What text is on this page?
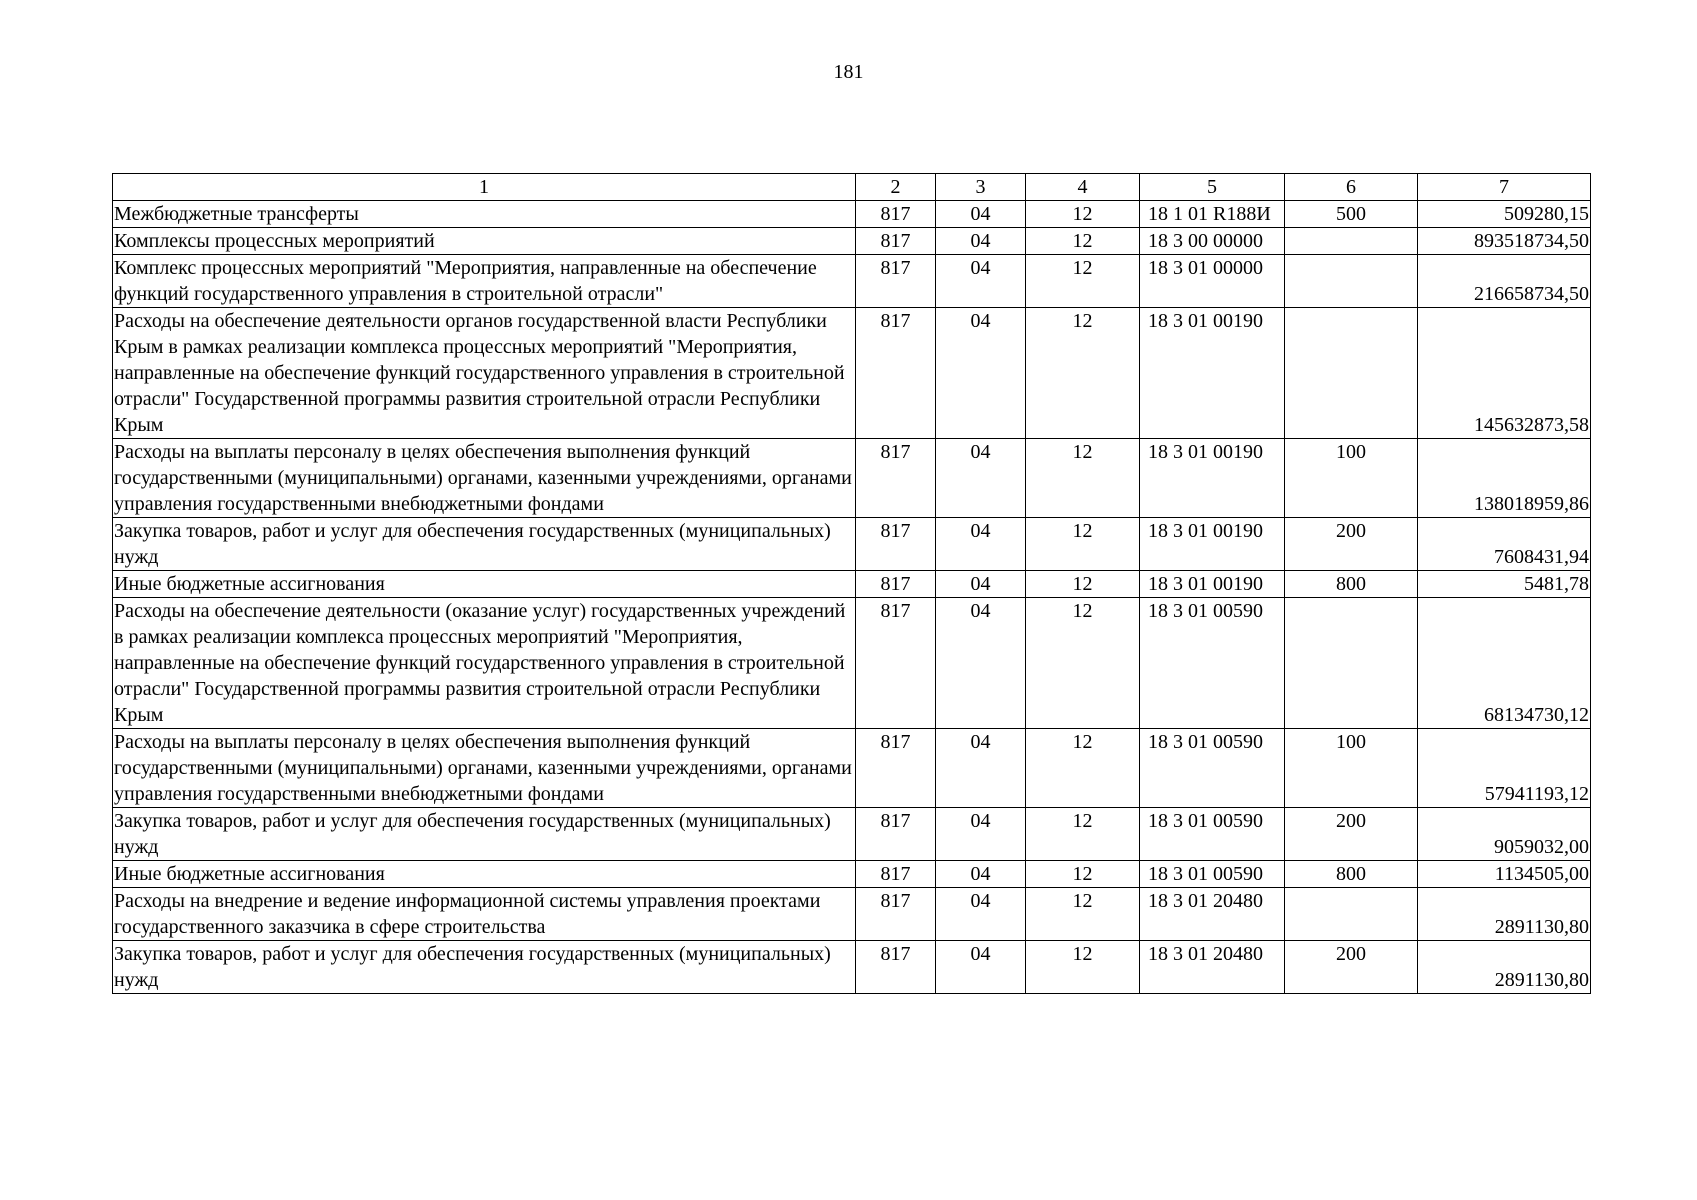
181
1	2	3	4	5	6	7
Межбюджетные трансферты	817	04	12	18 1 01 R188И	500	509280,15
Комплексы процессных мероприятий	817	04	12	18 3 00 00000		893518734,50
Комплекс процессных мероприятий "Мероприятия, направленные на обеспечение функций государственного управления в строительной отрасли"	817	04	12	18 3 01 00000		216658734,50
Расходы на обеспечение деятельности органов государственной власти Республики Крым в рамках реализации комплекса процессных мероприятий "Мероприятия, направленные на обеспечение функций государственного управления в строительной отрасли" Государственной программы развития строительной отрасли Республики Крым	817	04	12	18 3 01 00190		145632873,58
Расходы на выплаты персоналу в целях обеспечения выполнения функций государственными (муниципальными) органами, казенными учреждениями, органами управления государственными внебюджетными фондами	817	04	12	18 3 01 00190	100	138018959,86
Закупка товаров, работ и услуг для обеспечения государственных (муниципальных) нужд	817	04	12	18 3 01 00190	200	7608431,94
Иные бюджетные ассигнования	817	04	12	18 3 01 00190	800	5481,78
Расходы на обеспечение деятельности (оказание услуг) государственных учреждений в рамках реализации комплекса процессных мероприятий "Мероприятия, направленные на обеспечение функций государственного управления в строительной отрасли" Государственной программы развития строительной отрасли Республики Крым	817	04	12	18 3 01 00590		68134730,12
Расходы на выплаты персоналу в целях обеспечения выполнения функций государственными (муниципальными) органами, казенными учреждениями, органами управления государственными внебюджетными фондами	817	04	12	18 3 01 00590	100	57941193,12
Закупка товаров, работ и услуг для обеспечения государственных (муниципальных) нужд	817	04	12	18 3 01 00590	200	9059032,00
Иные бюджетные ассигнования	817	04	12	18 3 01 00590	800	1134505,00
Расходы на внедрение и ведение информационной системы управления проектами государственного заказчика в сфере строительства	817	04	12	18 3 01 20480		2891130,80
Закупка товаров, работ и услуг для обеспечения государственных (муниципальных) нужд	817	04	12	18 3 01 20480	200	2891130,80
